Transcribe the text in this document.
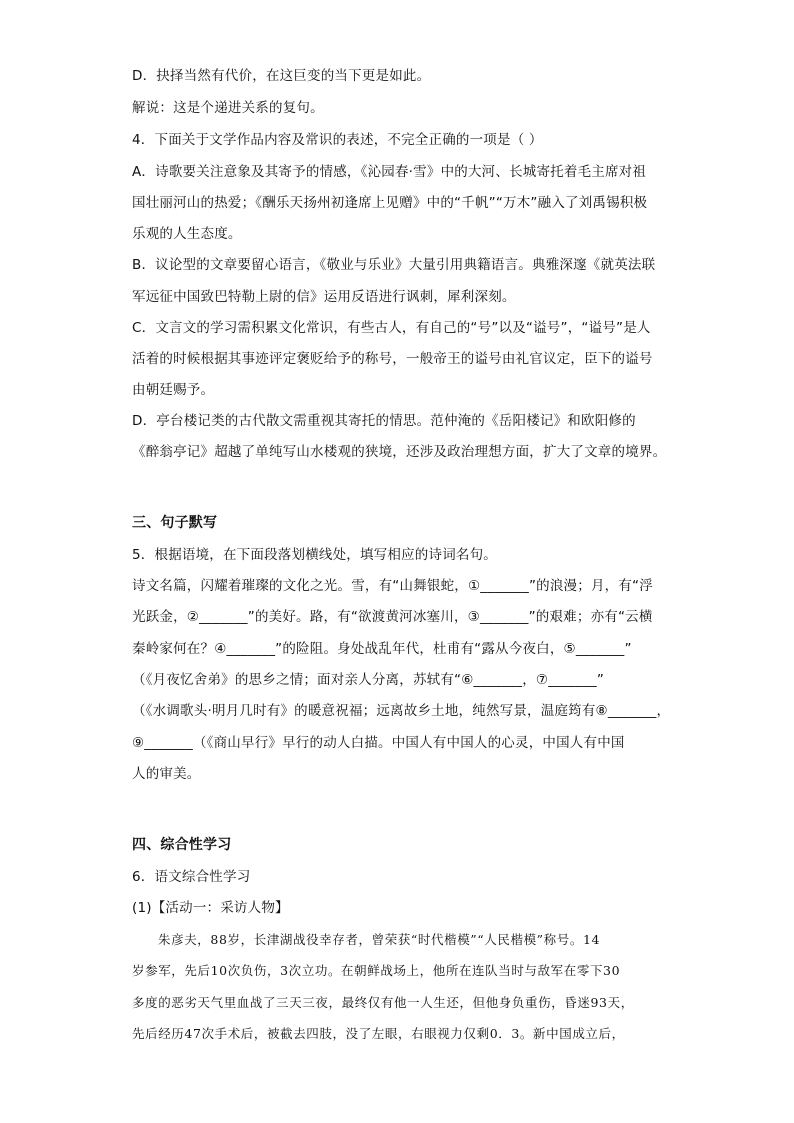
D．抉择当然有代价，在这巨变的当下更是如此。
解说：这是个递进关系的复句。
4．下面关于文学作品内容及常识的表述，不完全正确的一项是（ ）
A．诗歌要关注意象及其寄予的情感，《沁园春·雪》中的大河、长城寄托着毛主席对祖
国壮丽河山的热爱；《酬乐天扬州初逢席上见赠》中的“千帆”“万木”融入了刘禹锡积极
乐观的人生态度。
B．议论型的文章要留心语言，《敬业与乐业》大量引用典籍语言。典雅深邃《就英法联
军远征中国致巴特勒上尉的信》运用反语进行讽刺，犀利深刻。
C．文言文的学习需积累文化常识，有些古人，有自己的“号”以及“谥号”，“谥号”是人
活着的时候根据其事迹评定褒贬给予的称号，一般帝王的谥号由礼官议定，臣下的谥号
由朝廷赐予。
D．亭台楼记类的古代散文需重视其寄托的情思。范仲淹的《岳阳楼记》和欧阳修的
《醉翁亭记》超越了单纯写山水楼观的狭境，还涉及政治理想方面，扩大了文章的境界。
三、句子默写
5．根据语境，在下面段落划横线处，填写相应的诗词名句。
诗文名篇，闪耀着璀璨的文化之光。雪，有“山舞银蛇，①_______”的浪漫；月，有“浮
光跃金，②_______”的美好。路，有“欲渡黄河冰塞川，③_______”的艰难；亦有“云横
秦岭家何在？④_______”的险阻。身处战乱年代，杜甫有“露从今夜白，⑤_______”
（《月夜忆舍弟》的思乡之情；面对亲人分离，苏轼有“⑥_______，⑦_______”
（《水调歌头·明月几时有》的暖意祝福；远离故乡土地，纯然写景，温庭筠有⑧_______，
⑨_______（《商山早行》早行的动人白描。中国人有中国人的心灵，中国人有中国
人的审美。
四、综合性学习
6．语文综合性学习
(1)【活动一：采访人物】
朱彦夫，88岁，长津湖战役幸存者，曾荣获“时代楷模”“人民楷模”称号。14
岁参军，先后10次负伤，3次立功。在朝鲜战场上，他所在连队当时与敌军在零下30
多度的恶劣天气里血战了三天三夜，最终仅有他一人生还，但他身负重伤，昏迷93天，
先后经历47次手术后，被截去四肢，没了左眼，右眼视力仅剩0．3。新中国成立后，
